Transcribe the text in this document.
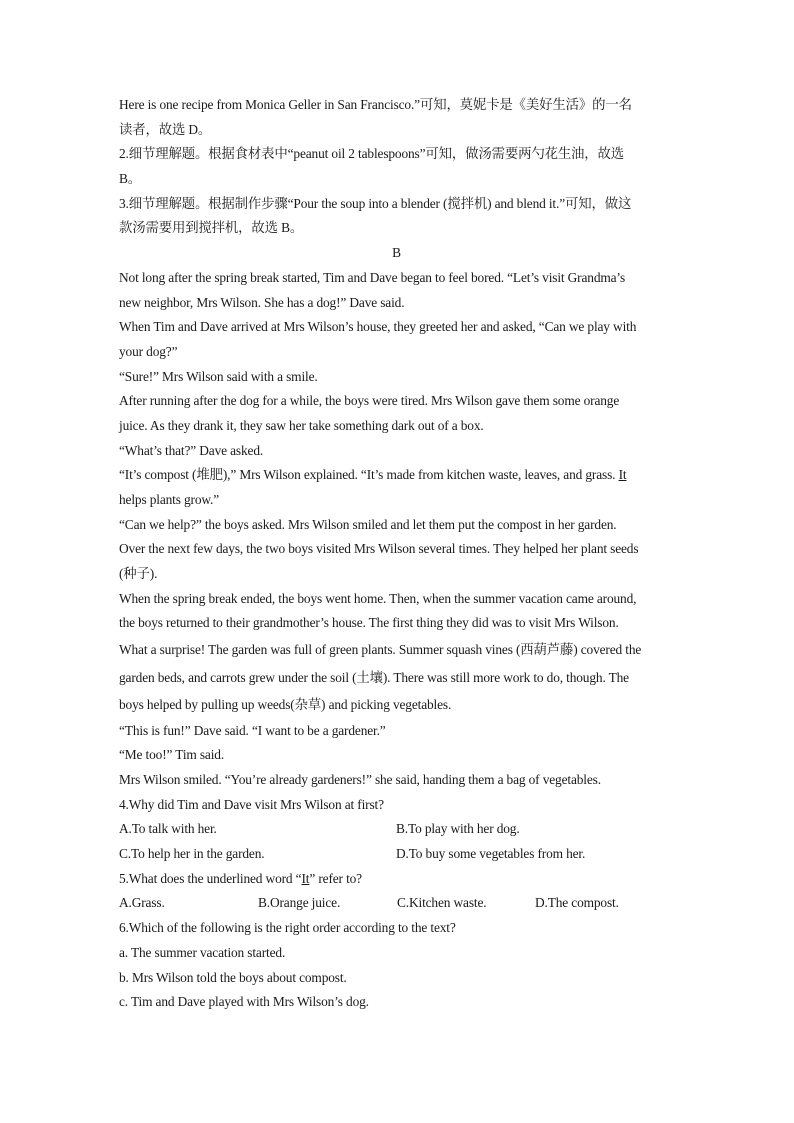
Here is one recipe from Monica Geller in San Francisco.”可知，莫妮卡是《美好生活》的一名
读者，故选 D。
2.细节理解题。根据食材表中“peanut oil 2 tablespoons”可知，做汤需要两勺花生油，故选
B。
3.细节理解题。根据制作步骤“Pour the soup into a blender (搅拌机) and blend it.”可知，做这
款汤需要用到搅拌机，故选 B。
B
Not long after the spring break started, Tim and Dave began to feel bored. “Let’s visit Grandma’s
new neighbor, Mrs Wilson. She has a dog!” Dave said.
When Tim and Dave arrived at Mrs Wilson’s house, they greeted her and asked, “Can we play with
your dog?”
“Sure!” Mrs Wilson said with a smile.
After running after the dog for a while, the boys were tired. Mrs Wilson gave them some orange
juice. As they drank it, they saw her take something dark out of a box.
“What’s that?” Dave asked.
“It’s compost (堆肥),” Mrs Wilson explained. “It’s made from kitchen waste, leaves, and grass. It
helps plants grow.”
“Can we help?” the boys asked. Mrs Wilson smiled and let them put the compost in her garden.
Over the next few days, the two boys visited Mrs Wilson several times. They helped her plant seeds
(种子).
When the spring break ended, the boys went home. Then, when the summer vacation came around,
the boys returned to their grandmother’s house. The first thing they did was to visit Mrs Wilson.
What a surprise! The garden was full of green plants. Summer squash vines (西葫芦藤) covered the
garden beds, and carrots grew under the soil (土壤). There was still more work to do, though. The
boys helped by pulling up weeds(杂草) and picking vegetables.
“This is fun!” Dave said. “I want to be a gardener.”
“Me too!” Tim said.
Mrs Wilson smiled. “You’re already gardeners!” she said, handing them a bag of vegetables.
4.Why did Tim and Dave visit Mrs Wilson at first?
A.To talk with her.	B.To play with her dog.
C.To help her in the garden.	D.To buy some vegetables from her.
5.What does the underlined word “It” refer to?
A.Grass.	B.Orange juice.	C.Kitchen waste.	D.The compost.
6.Which of the following is the right order according to the text?
a. The summer vacation started.
b. Mrs Wilson told the boys about compost.
c. Tim and Dave played with Mrs Wilson’s dog.
